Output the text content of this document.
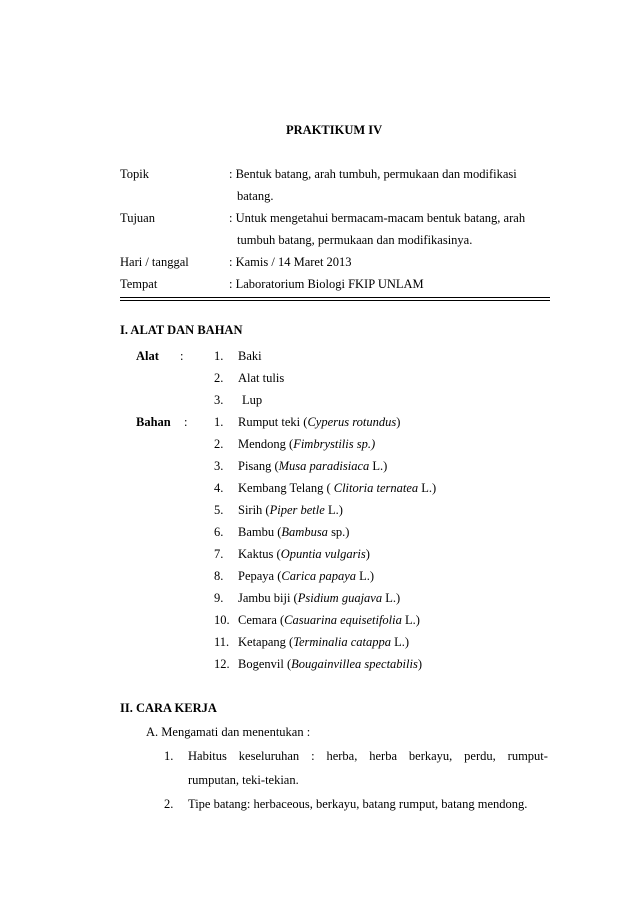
PRAKTIKUM IV
Topik	: Bentuk batang, arah tumbuh, permukaan dan modifikasi
batang.
Tujuan	: Untuk mengetahui bermacam-macam bentuk batang, arah
tumbuh batang, permukaan dan modifikasinya.
Hari / tanggal	: Kamis / 14 Maret 2013
Tempat	: Laboratorium Biologi FKIP UNLAM
I. ALAT DAN BAHAN
Alat : 1. Baki
2. Alat tulis
3. Lup
Bahan : 1. Rumput teki (Cyperus rotundus)
2. Mendong (Fimbrystilis sp.)
3. Pisang (Musa paradisiaca L.)
4. Kembang Telang ( Clitoria ternatea L.)
5. Sirih (Piper betle L.)
6. Bambu (Bambusa sp.)
7. Kaktus (Opuntia vulgaris)
8. Pepaya (Carica papaya L.)
9. Jambu biji (Psidium guajava L.)
10. Cemara (Casuarina equisetifolia L.)
11. Ketapang (Terminalia catappa L.)
12. Bogenvil (Bougainvillea spectabilis)
II. CARA KERJA
A. Mengamati dan menentukan :
1. Habitus keseluruhan : herba, herba berkayu, perdu, rumput-
rumputan, teki-tekian.
2. Tipe batang: herbaceous, berkayu, batang rumput, batang mendong.
